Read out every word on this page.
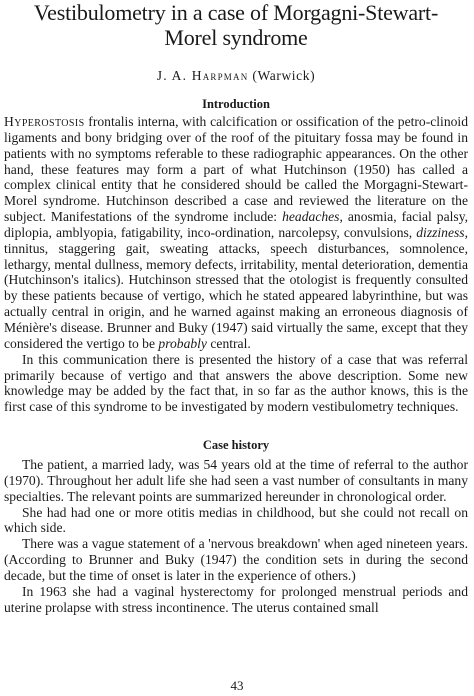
Vestibulometry in a case of Morgagni-Stewart-
Morel syndrome
J. A. Harpman (Warwick)
Introduction

Hyperostosis frontalis interna, with calcification or ossification of the petro-clinoid ligaments and bony bridging over of the roof of the pituitary fossa may be found in patients with no symptoms referable to these radiographic appearances. On the other hand, these features may form a part of what Hutchinson (1950) has called a complex clinical entity that he considered should be called the Morgagni-Stewart-Morel syndrome. Hutchinson described a case and reviewed the literature on the subject. Manifestations of the syndrome include: headaches, anosmia, facial palsy, diplopia, amblyopia, fatigability, inco-ordination, narcolepsy, convulsions, dizziness, tinnitus, staggering gait, sweating attacks, speech disturbances, somnolence, lethargy, mental dullness, memory defects, irritability, mental deterioration, dementia (Hutchinson's italics). Hutchinson stressed that the otologist is frequently consulted by these patients because of vertigo, which he stated appeared labyrinthine, but was actually central in origin, and he warned against making an erroneous diagnosis of Ménière's disease. Brunner and Buky (1947) said virtually the same, except that they considered the vertigo to be probably central.

In this communication there is presented the history of a case that was referral primarily because of vertigo and that answers the above description. Some new knowledge may be added by the fact that, in so far as the author knows, this is the first case of this syndrome to be investigated by modern vestibulometry techniques.

Case history

The patient, a married lady, was 54 years old at the time of referral to the author (1970). Throughout her adult life she had seen a vast number of consultants in many specialties. The relevant points are summarized hereunder in chronological order.

She had had one or more otitis medias in childhood, but she could not recall on which side.

There was a vague statement of a 'nervous breakdown' when aged nineteen years. (According to Brunner and Buky (1947) the condition sets in during the second decade, but the time of onset is later in the experience of others.)

In 1963 she had a vaginal hysterectomy for prolonged menstrual periods and uterine prolapse with stress incontinence. The uterus contained small

43
